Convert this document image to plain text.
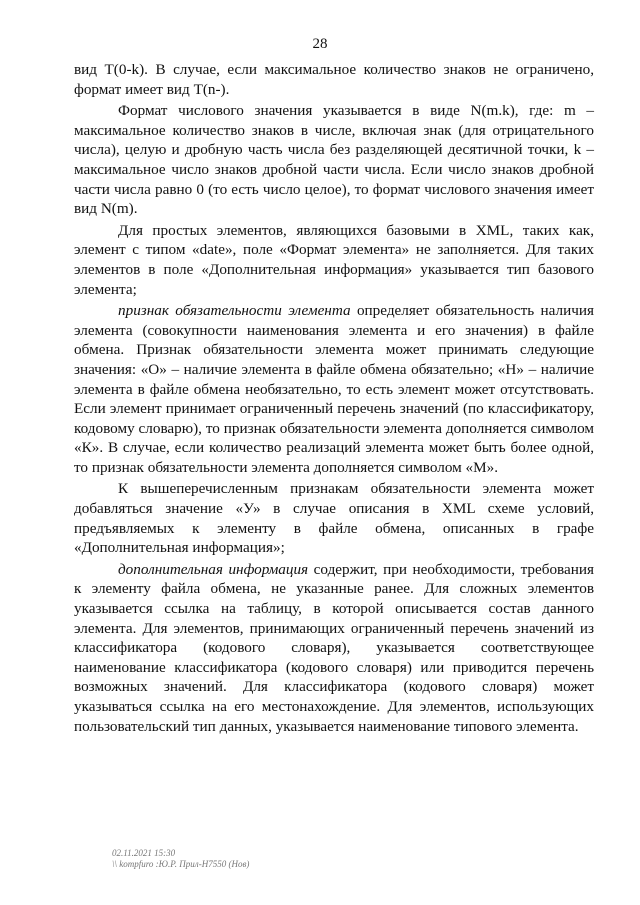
28

вид T(0-k). В случае, если максимальное количество знаков не ограничено, формат имеет вид T(n-).

Формат числового значения указывается в виде N(m.k), где: m – максимальное количество знаков в числе, включая знак (для отрицательного числа), целую и дробную часть числа без разделяющей десятичной точки, k – максимальное число знаков дробной части числа. Если число знаков дробной части числа равно 0 (то есть число целое), то формат числового значения имеет вид N(m).

Для простых элементов, являющихся базовыми в XML, таких как, элемент с типом «date», поле «Формат элемента» не заполняется. Для таких элементов в поле «Дополнительная информация» указывается тип базового элемента;

признак обязательности элемента определяет обязательность наличия элемента (совокупности наименования элемента и его значения) в файле обмена. Признак обязательности элемента может принимать следующие значения: «О» – наличие элемента в файле обмена обязательно; «Н» – наличие элемента в файле обмена необязательно, то есть элемент может отсутствовать. Если элемент принимает ограниченный перечень значений (по классификатору, кодовому словарю), то признак обязательности элемента дополняется символом «К». В случае, если количество реализаций элемента может быть более одной, то признак обязательности элемента дополняется символом «М».

К вышеперечисленным признакам обязательности элемента может добавляться значение «У» в случае описания в XML схеме условий, предъявляемых к элементу в файле обмена, описанных в графе «Дополнительная информация»;

дополнительная информация содержит, при необходимости, требования к элементу файла обмена, не указанные ранее. Для сложных элементов указывается ссылка на таблицу, в которой описывается состав данного элемента. Для элементов, принимающих ограниченный перечень значений из классификатора (кодового словаря), указывается соответствующее наименование классификатора (кодового словаря) или приводится перечень возможных значений. Для классификатора (кодового словаря) может указываться ссылка на его местонахождение. Для элементов, использующих пользовательский тип данных, указывается наименование типового элемента.

02.11.2021 15:30
\\ kompfuro :Ю.Р. Прил-Н7550 (Нов)
